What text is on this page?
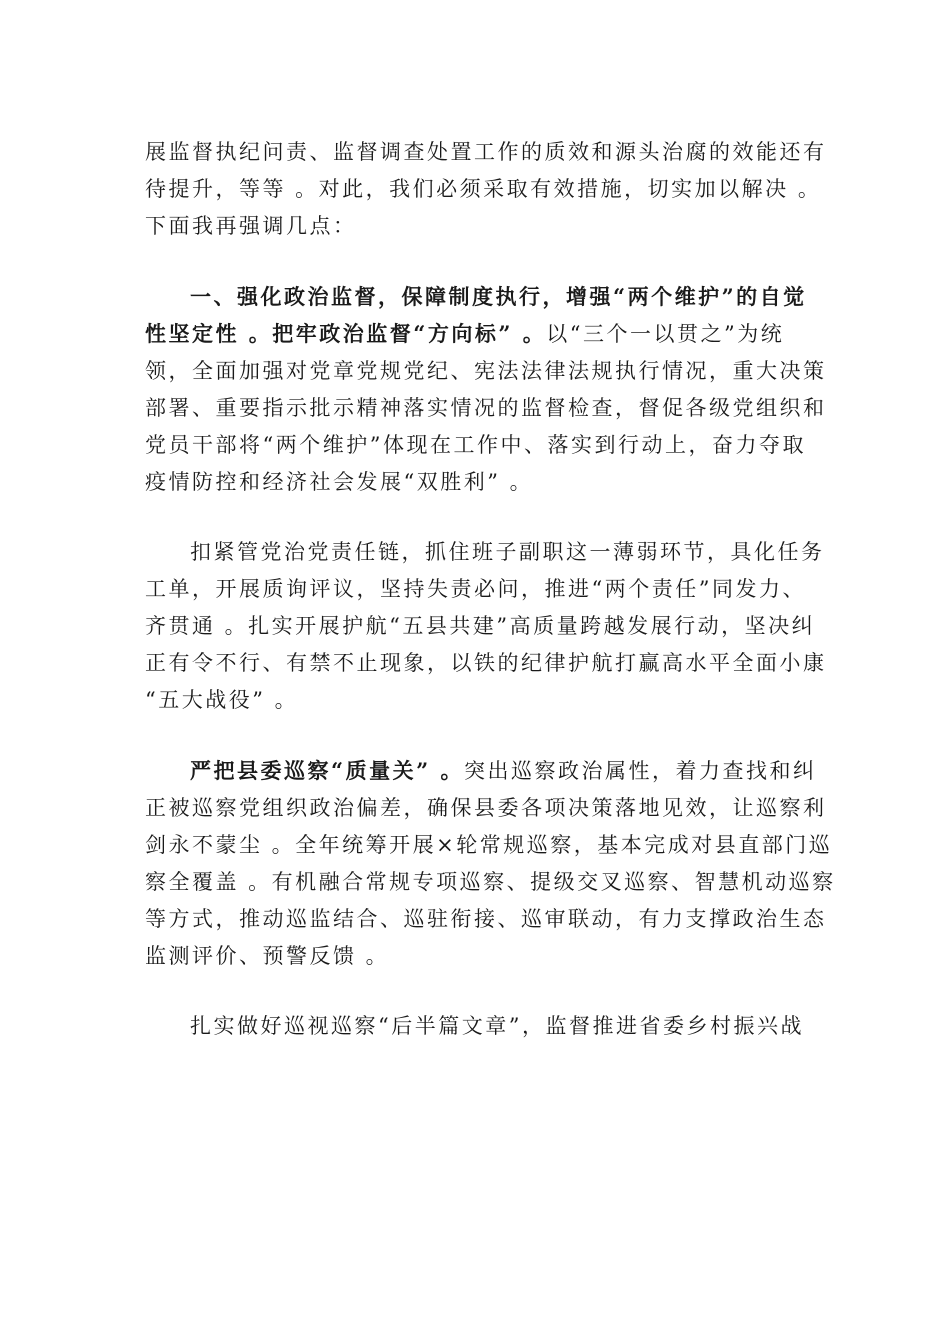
展监督执纪问责、监督调查处置工作的质效和源头治腐的效能还有
待提升，等等 。对此，我们必须采取有效措施，切实加以解决 。
下面我再强调几点：

一、强化政治监督，保障制度执行，增强“两个维护”的自觉
性坚定性 。把牢政治监督“方向标” 。以“三个一以贯之”为统
领，全面加强对党章党规党纪、宪法法律法规执行情况，重大决策
部署、重要指示批示精神落实情况的监督检查，督促各级党组织和
党员干部将“两个维护”体现在工作中、落实到行动上，奋力夺取
疫情防控和经济社会发展“双胜利” 。

扣紧管党治党责任链，抓住班子副职这一薄弱环节，具化任务
工单，开展质询评议，坚持失责必问，推进“两个责任”同发力、
齐贯通 。扎实开展护航“五县共建”高质量跨越发展行动，坚决纠
正有令不行、有禁不止现象，以铁的纪律护航打赢高水平全面小康
“五大战役” 。

严把县委巡察“质量关” 。突出巡察政治属性，着力查找和纠
正被巡察党组织政治偏差，确保县委各项决策落地见效，让巡察利
剑永不蒙尘 。全年统筹开展×轮常规巡察，基本完成对县直部门巡
察全覆盖 。有机融合常规专项巡察、提级交叉巡察、智慧机动巡察
等方式，推动巡监结合、巡驻衔接、巡审联动，有力支撑政治生态
监测评价、预警反馈 。

扎实做好巡视巡察“后半篇文章”，监督推进省委乡村振兴战
